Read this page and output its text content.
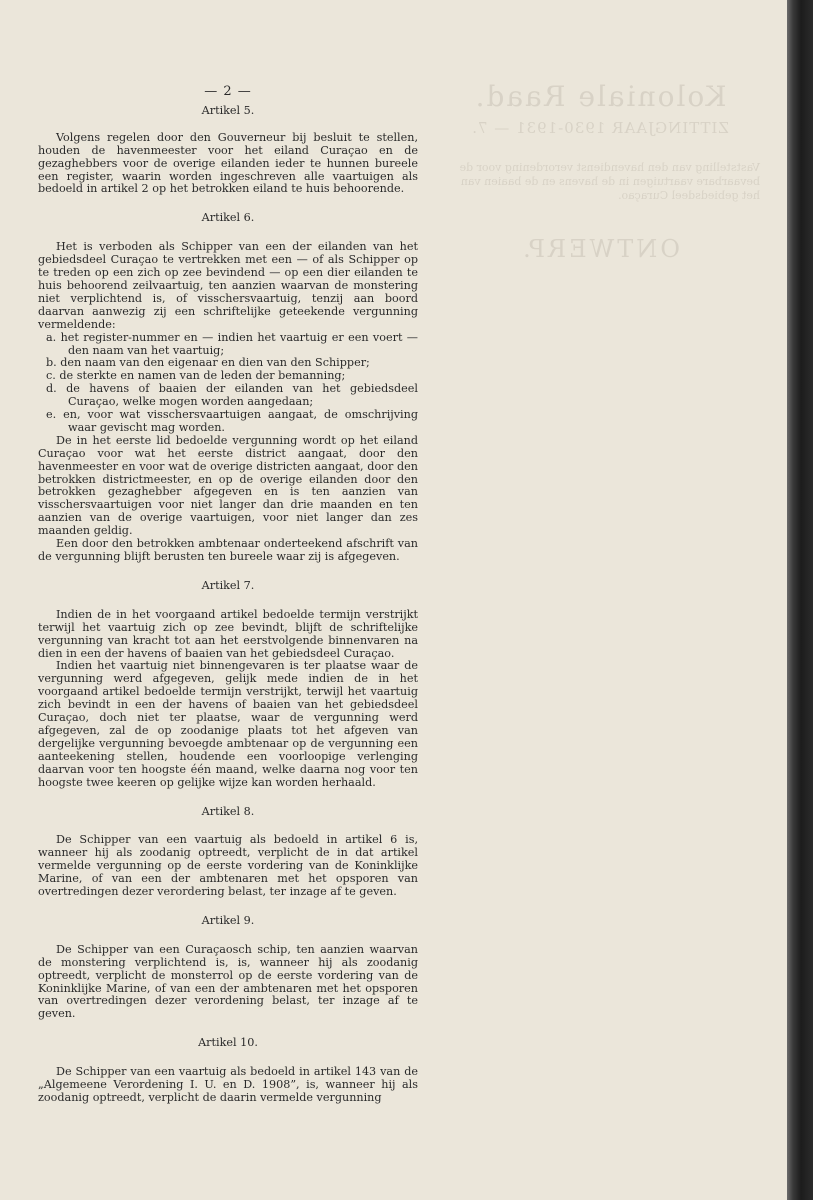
Koloniale Raad.
ZITTINGJAAR 1930-1931 — 7.
Vaststelling van den havendienst verordening voor de bevaarbare vaartuigen in de havens en de baaien van het gebiedsdeel Curaçao.
ONTWERP.
— 2 —
Artikel 5.

Volgens regelen door den Gouverneur bij besluit te stellen, houden de havenmeester voor het eiland Curaçao en de gezaghebbers voor de overige eilanden ieder te hunnen bureele een register, waarin worden ingeschreven alle vaartuigen als bedoeld in artikel 2 op het betrokken eiland te huis behoorende.

Artikel 6.

Het is verboden als Schipper van een der eilanden van het gebiedsdeel Curaçao te vertrekken met een — of als Schipper op te treden op een zich op zee bevindend — op een dier eilanden te huis behoorend zeilvaartuig, ten aanzien waarvan de monstering niet verplichtend is, of visschersvaartuig, tenzij aan boord daarvan aanwezig zij een schriftelijke geteekende vergunning vermeldende:

a. het register-nummer en — indien het vaartuig er een voert — den naam van het vaartuig;
b. den naam van den eigenaar en dien van den Schipper;
c. de sterkte en namen van de leden der bemanning;
d. de havens of baaien der eilanden van het gebiedsdeel Curaçao, welke mogen worden aangedaan;
e. en, voor wat visschersvaartuigen aangaat, de omschrijving waar gevischt mag worden.

De in het eerste lid bedoelde vergunning wordt op het eiland Curaçao voor wat het eerste district aangaat, door den havenmeester en voor wat de overige districten aangaat, door den betrokken districtmeester, en op de overige eilanden door den betrokken gezaghebber afgegeven en is ten aanzien van visschersvaartuigen voor niet langer dan drie maanden en ten aanzien van de overige vaartuigen, voor niet langer dan zes maanden geldig.

Een door den betrokken ambtenaar onderteekend afschrift van de vergunning blijft berusten ten bureele waar zij is afgegeven.

Artikel 7.

Indien de in het voorgaand artikel bedoelde termijn verstrijkt terwijl het vaartuig zich op zee bevindt, blijft de schriftelijke vergunning van kracht tot aan het eerstvolgende binnenvaren na dien in een der havens of baaien van het gebiedsdeel Curaçao.

Indien het vaartuig niet binnengevaren is ter plaatse waar de vergunning werd afgegeven, gelijk mede indien de in het voorgaand artikel bedoelde termijn verstrijkt, terwijl het vaartuig zich bevindt in een der havens of baaien van het gebiedsdeel Curaçao, doch niet ter plaatse, waar de vergunning werd afgegeven, zal de op zoodanige plaats tot het afgeven van dergelijke vergunning bevoegde ambtenaar op de vergunning een aanteekening stellen, houdende een voorloopige verlenging daarvan voor ten hoogste één maand, welke daarna nog voor ten hoogste twee keeren op gelijke wijze kan worden herhaald.

Artikel 8.

De Schipper van een vaartuig als bedoeld in artikel 6 is, wanneer hij als zoodanig optreedt, verplicht de in dat artikel vermelde vergunning op de eerste vordering van de Koninklijke Marine, of van een der ambtenaren met het opsporen van overtredingen dezer verordering belast, ter inzage af te geven.

Artikel 9.

De Schipper van een Curaçaosch schip, ten aanzien waarvan de monstering verplichtend is, is, wanneer hij als zoodanig optreedt, verplicht de monsterrol op de eerste vordering van de Koninklijke Marine, of van een der ambtenaren met het opsporen van overtredingen dezer verordening belast, ter inzage af te geven.

Artikel 10.

De Schipper van een vaartuig als bedoeld in artikel 143 van de „Algemeene Verordening I. U. en D. 1908”, is, wanneer hij als zoodanig optreedt, verplicht de daarin vermelde vergunning
